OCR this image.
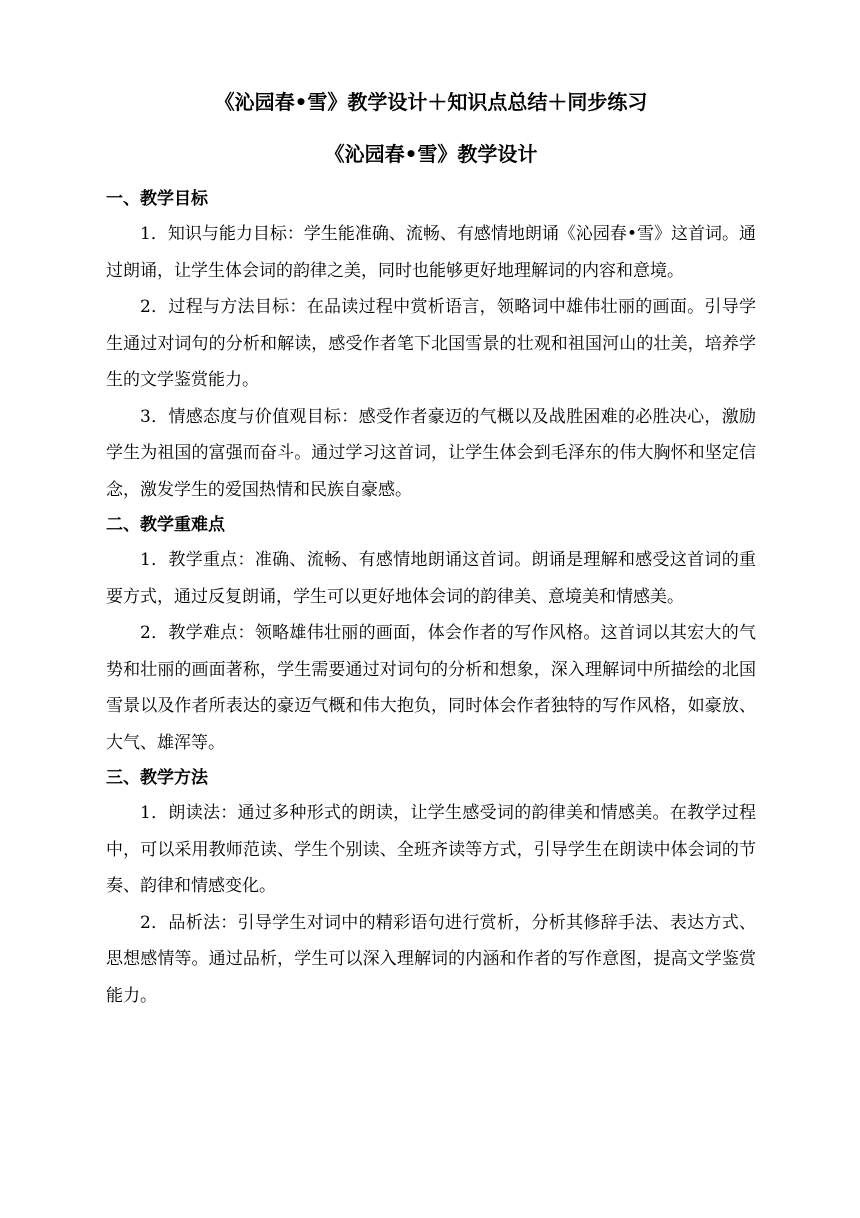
《沁园春•雪》教学设计＋知识点总结＋同步练习
《沁园春•雪》教学设计
一、教学目标

1．知识与能力目标：学生能准确、流畅、有感情地朗诵《沁园春•雪》这首词。通过朗诵，让学生体会词的韵律之美，同时也能够更好地理解词的内容和意境。

2．过程与方法目标：在品读过程中赏析语言，领略词中雄伟壮丽的画面。引导学生通过对词句的分析和解读，感受作者笔下北国雪景的壮观和祖国河山的壮美，培养学生的文学鉴赏能力。

3．情感态度与价值观目标：感受作者豪迈的气概以及战胜困难的必胜决心，激励学生为祖国的富强而奋斗。通过学习这首词，让学生体会到毛泽东的伟大胸怀和坚定信念，激发学生的爱国热情和民族自豪感。

二、教学重难点

1．教学重点：准确、流畅、有感情地朗诵这首词。朗诵是理解和感受这首词的重要方式，通过反复朗诵，学生可以更好地体会词的韵律美、意境美和情感美。

2．教学难点：领略雄伟壮丽的画面，体会作者的写作风格。这首词以其宏大的气势和壮丽的画面著称，学生需要通过对词句的分析和想象，深入理解词中所描绘的北国雪景以及作者所表达的豪迈气概和伟大抱负，同时体会作者独特的写作风格，如豪放、大气、雄浑等。

三、教学方法

1．朗读法：通过多种形式的朗读，让学生感受词的韵律美和情感美。在教学过程中，可以采用教师范读、学生个别读、全班齐读等方式，引导学生在朗读中体会词的节奏、韵律和情感变化。

2．品析法：引导学生对词中的精彩语句进行赏析，分析其修辞手法、表达方式、思想感情等。通过品析，学生可以深入理解词的内涵和作者的写作意图，提高文学鉴赏能力。
